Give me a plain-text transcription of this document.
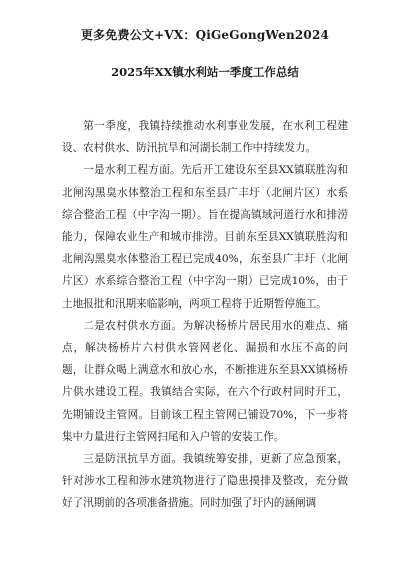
更多免费公文+VX：QiGeGongWen2024

2025年XX镇水利站一季度工作总结

第一季度，我镇持续推动水利事业发展，在水利工程建设、农村供水、防汛抗旱和河湖长制工作中持续发力。

一是水利工程方面。先后开工建设东至县XX镇联胜沟和北闸沟黑臭水体整治工程和东至县广丰圩（北闸片区）水系综合整治工程（中字沟一期）。旨在提高镇域河道行水和排涝能力，保障农业生产和城市排涝。目前东至县XX镇联胜沟和北闸沟黑臭水体整治工程已完成40%，东至县广丰圩（北闸片区）水系综合整治工程（中字沟一期）已完成10%，由于土地报批和汛期来临影响，两项工程将于近期暂停施工。

二是农村供水方面。为解决杨桥片居民用水的难点、痛点，解决杨桥片六村供水管网老化、漏损和水压不高的问题，让群众喝上满意水和放心水，不断推进东至县XX镇杨桥片供水建设工程。我镇结合实际，在六个行政村同时开工，先期铺设主管网。目前该工程主管网已铺设70%，下一步将集中力量进行主管网扫尾和入户管的安装工作。

三是防汛抗旱方面。我镇统筹安排，更新了应急预案，针对涉水工程和涉水建筑物进行了隐患摸排及整改，充分做好了汛期前的各项准备措施。同时加强了圩内的涵闸调
